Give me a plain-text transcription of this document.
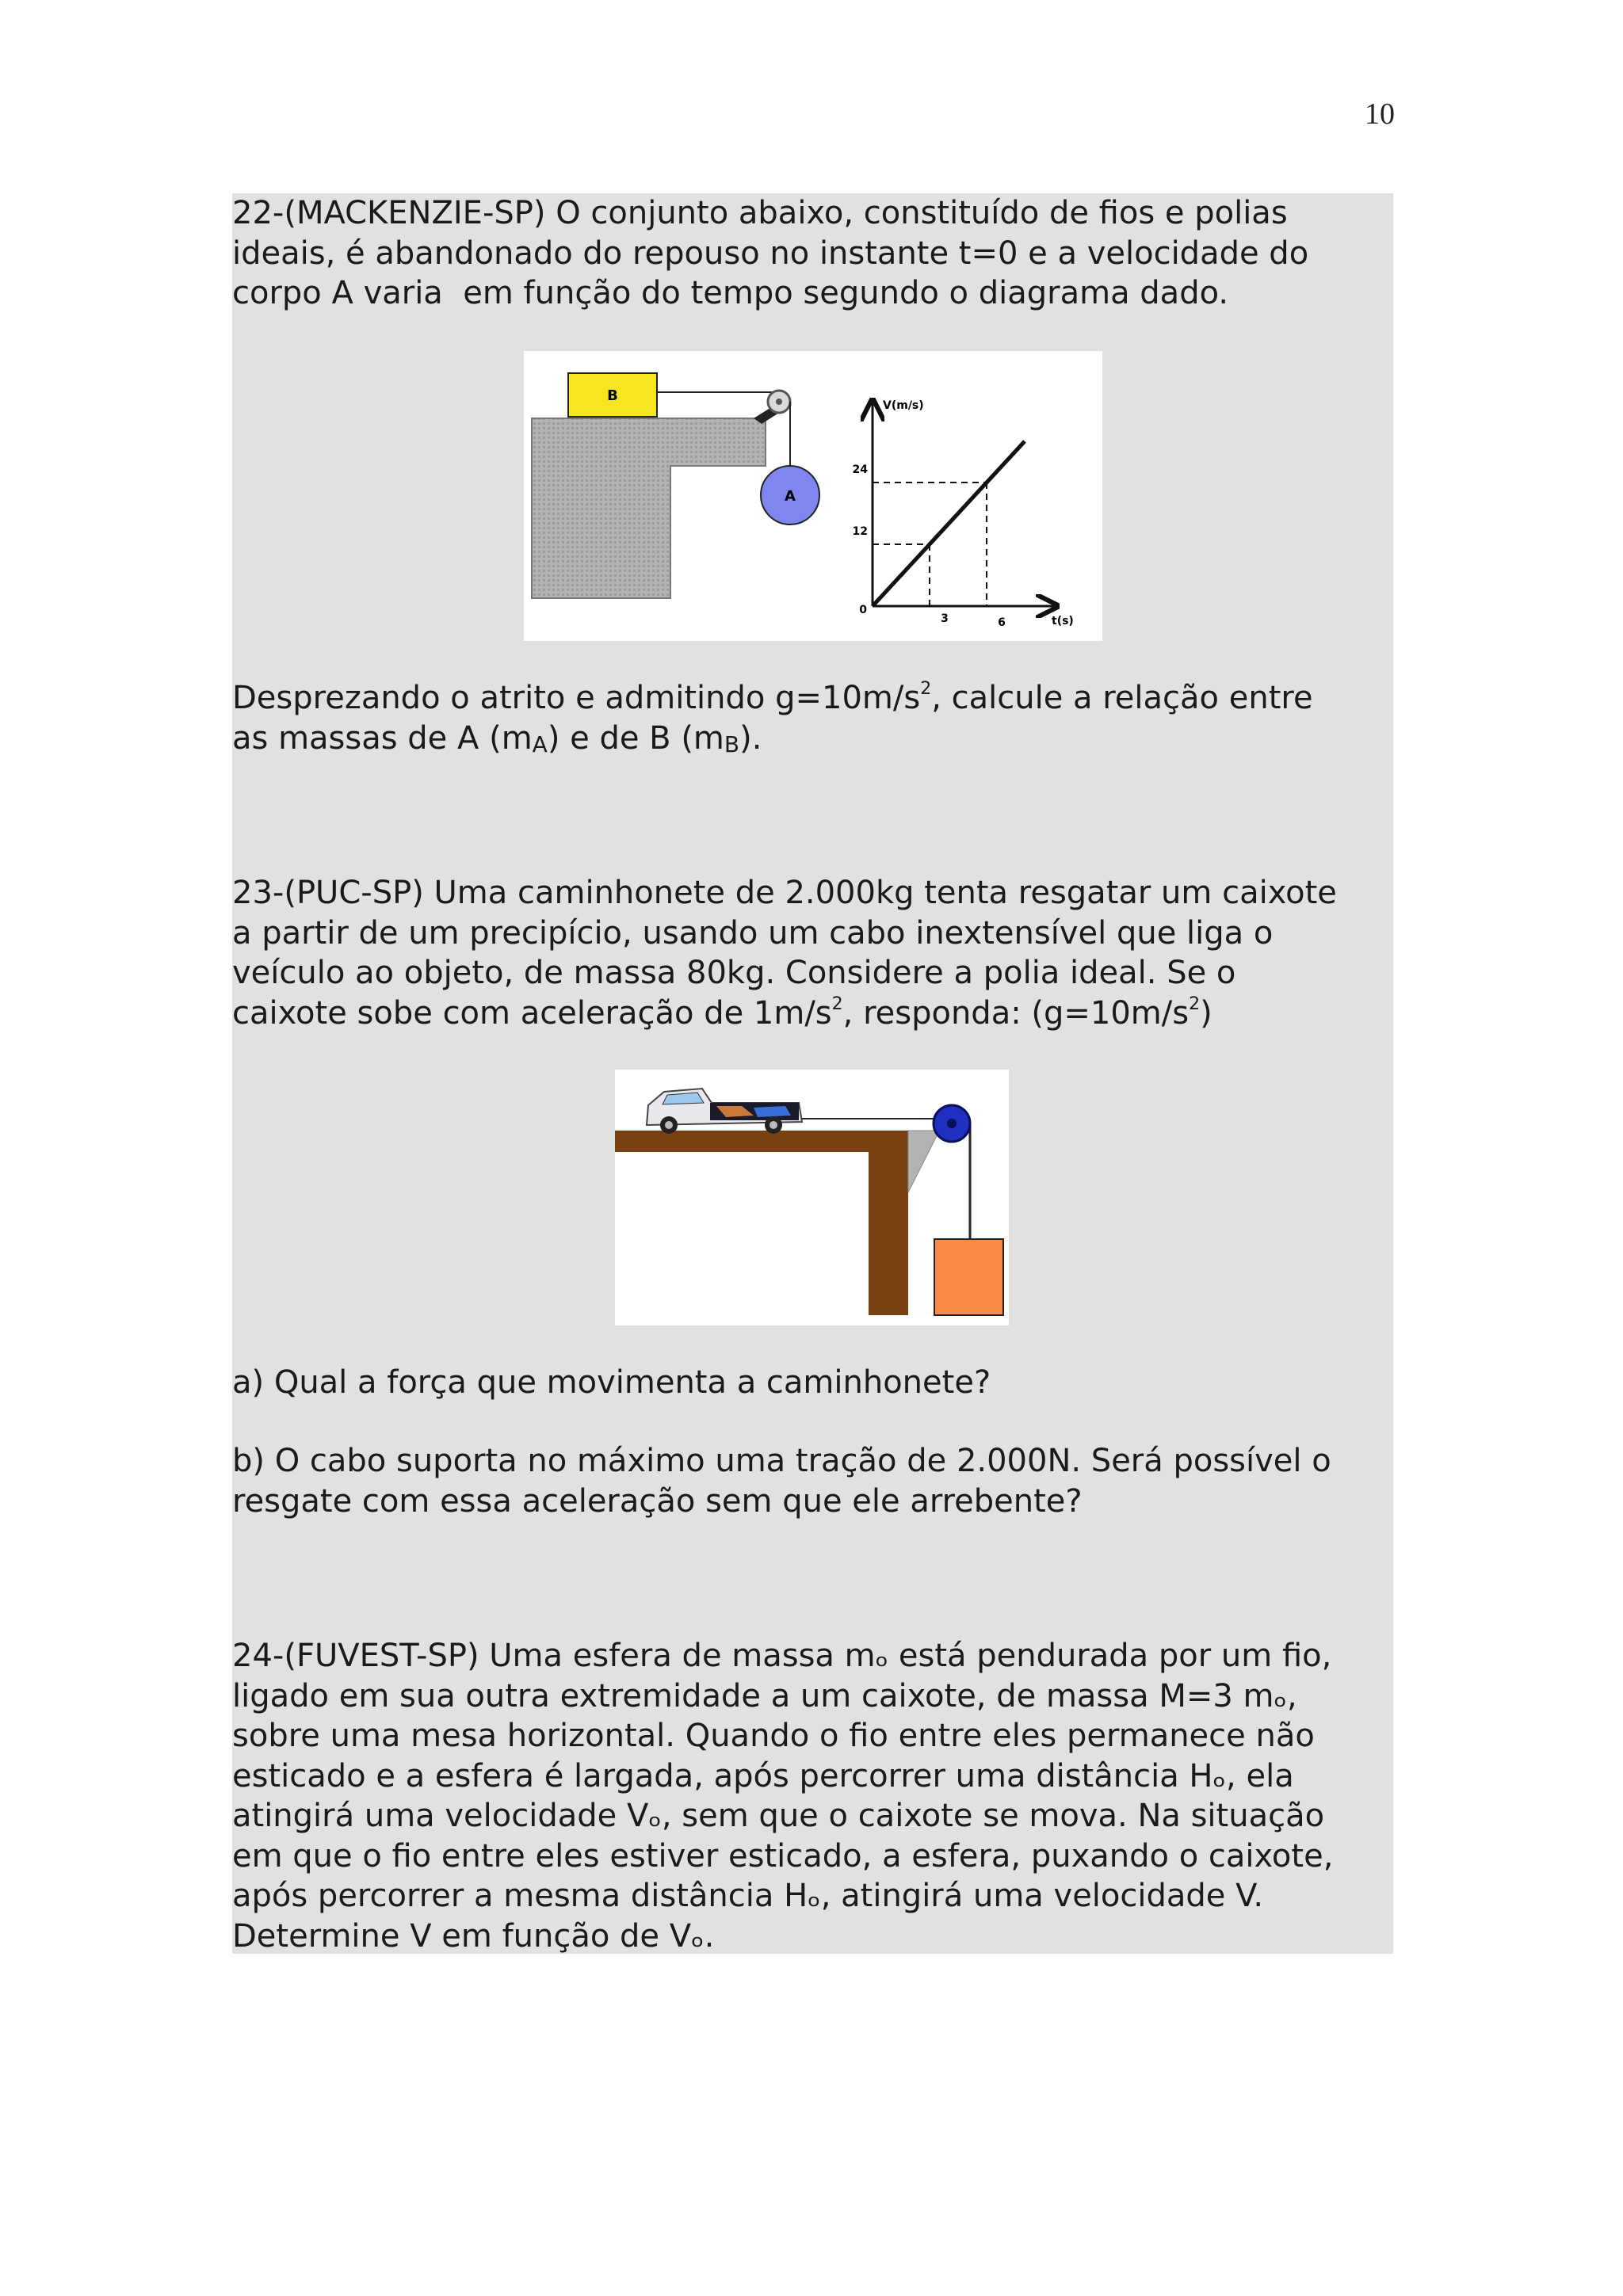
10

22-(MACKENZIE-SP) O conjunto abaixo, constituído de fios e polias
ideais, é abandonado do repouso no instante t=0 e a velocidade do
corpo A varia  em função do tempo segundo o diagrama dado.

B
A
V(m/s)
t(s)
0
12
24
3	6

Desprezando o atrito e admitindo $g=10m/s^2$, calcule a relação entre
as massas de A $(m_A)$ e de B $(m_B)$.

23-(PUC-SP) Uma caminhonete de 2.000kg tenta resgatar um caixote
a partir de um precipício, usando um cabo inextensível que liga o
veículo ao objeto, de massa 80kg. Considere a polia ideal. Se o
caixote sobe com aceleração de $1m/s^2$, responda: $(g=10m/s^2)$

a) Qual a força que movimenta a caminhonete?

b) O cabo suporta no máximo uma tração de 2.000N. Será possível o
resgate com essa aceleração sem que ele arrebente?

24-(FUVEST-SP) Uma esfera de massa mₒ está pendurada por um fio,
ligado em sua outra extremidade a um caixote, de massa M=3 mₒ,
sobre uma mesa horizontal. Quando o fio entre eles permanece não
esticado e a esfera é largada, após percorrer uma distância Hₒ, ela
atingirá uma velocidade Vₒ, sem que o caixote se mova. Na situação
em que o fio entre eles estiver esticado, a esfera, puxando o caixote,
após percorrer a mesma distância Hₒ, atingirá uma velocidade V.
Determine V em função de Vₒ.
